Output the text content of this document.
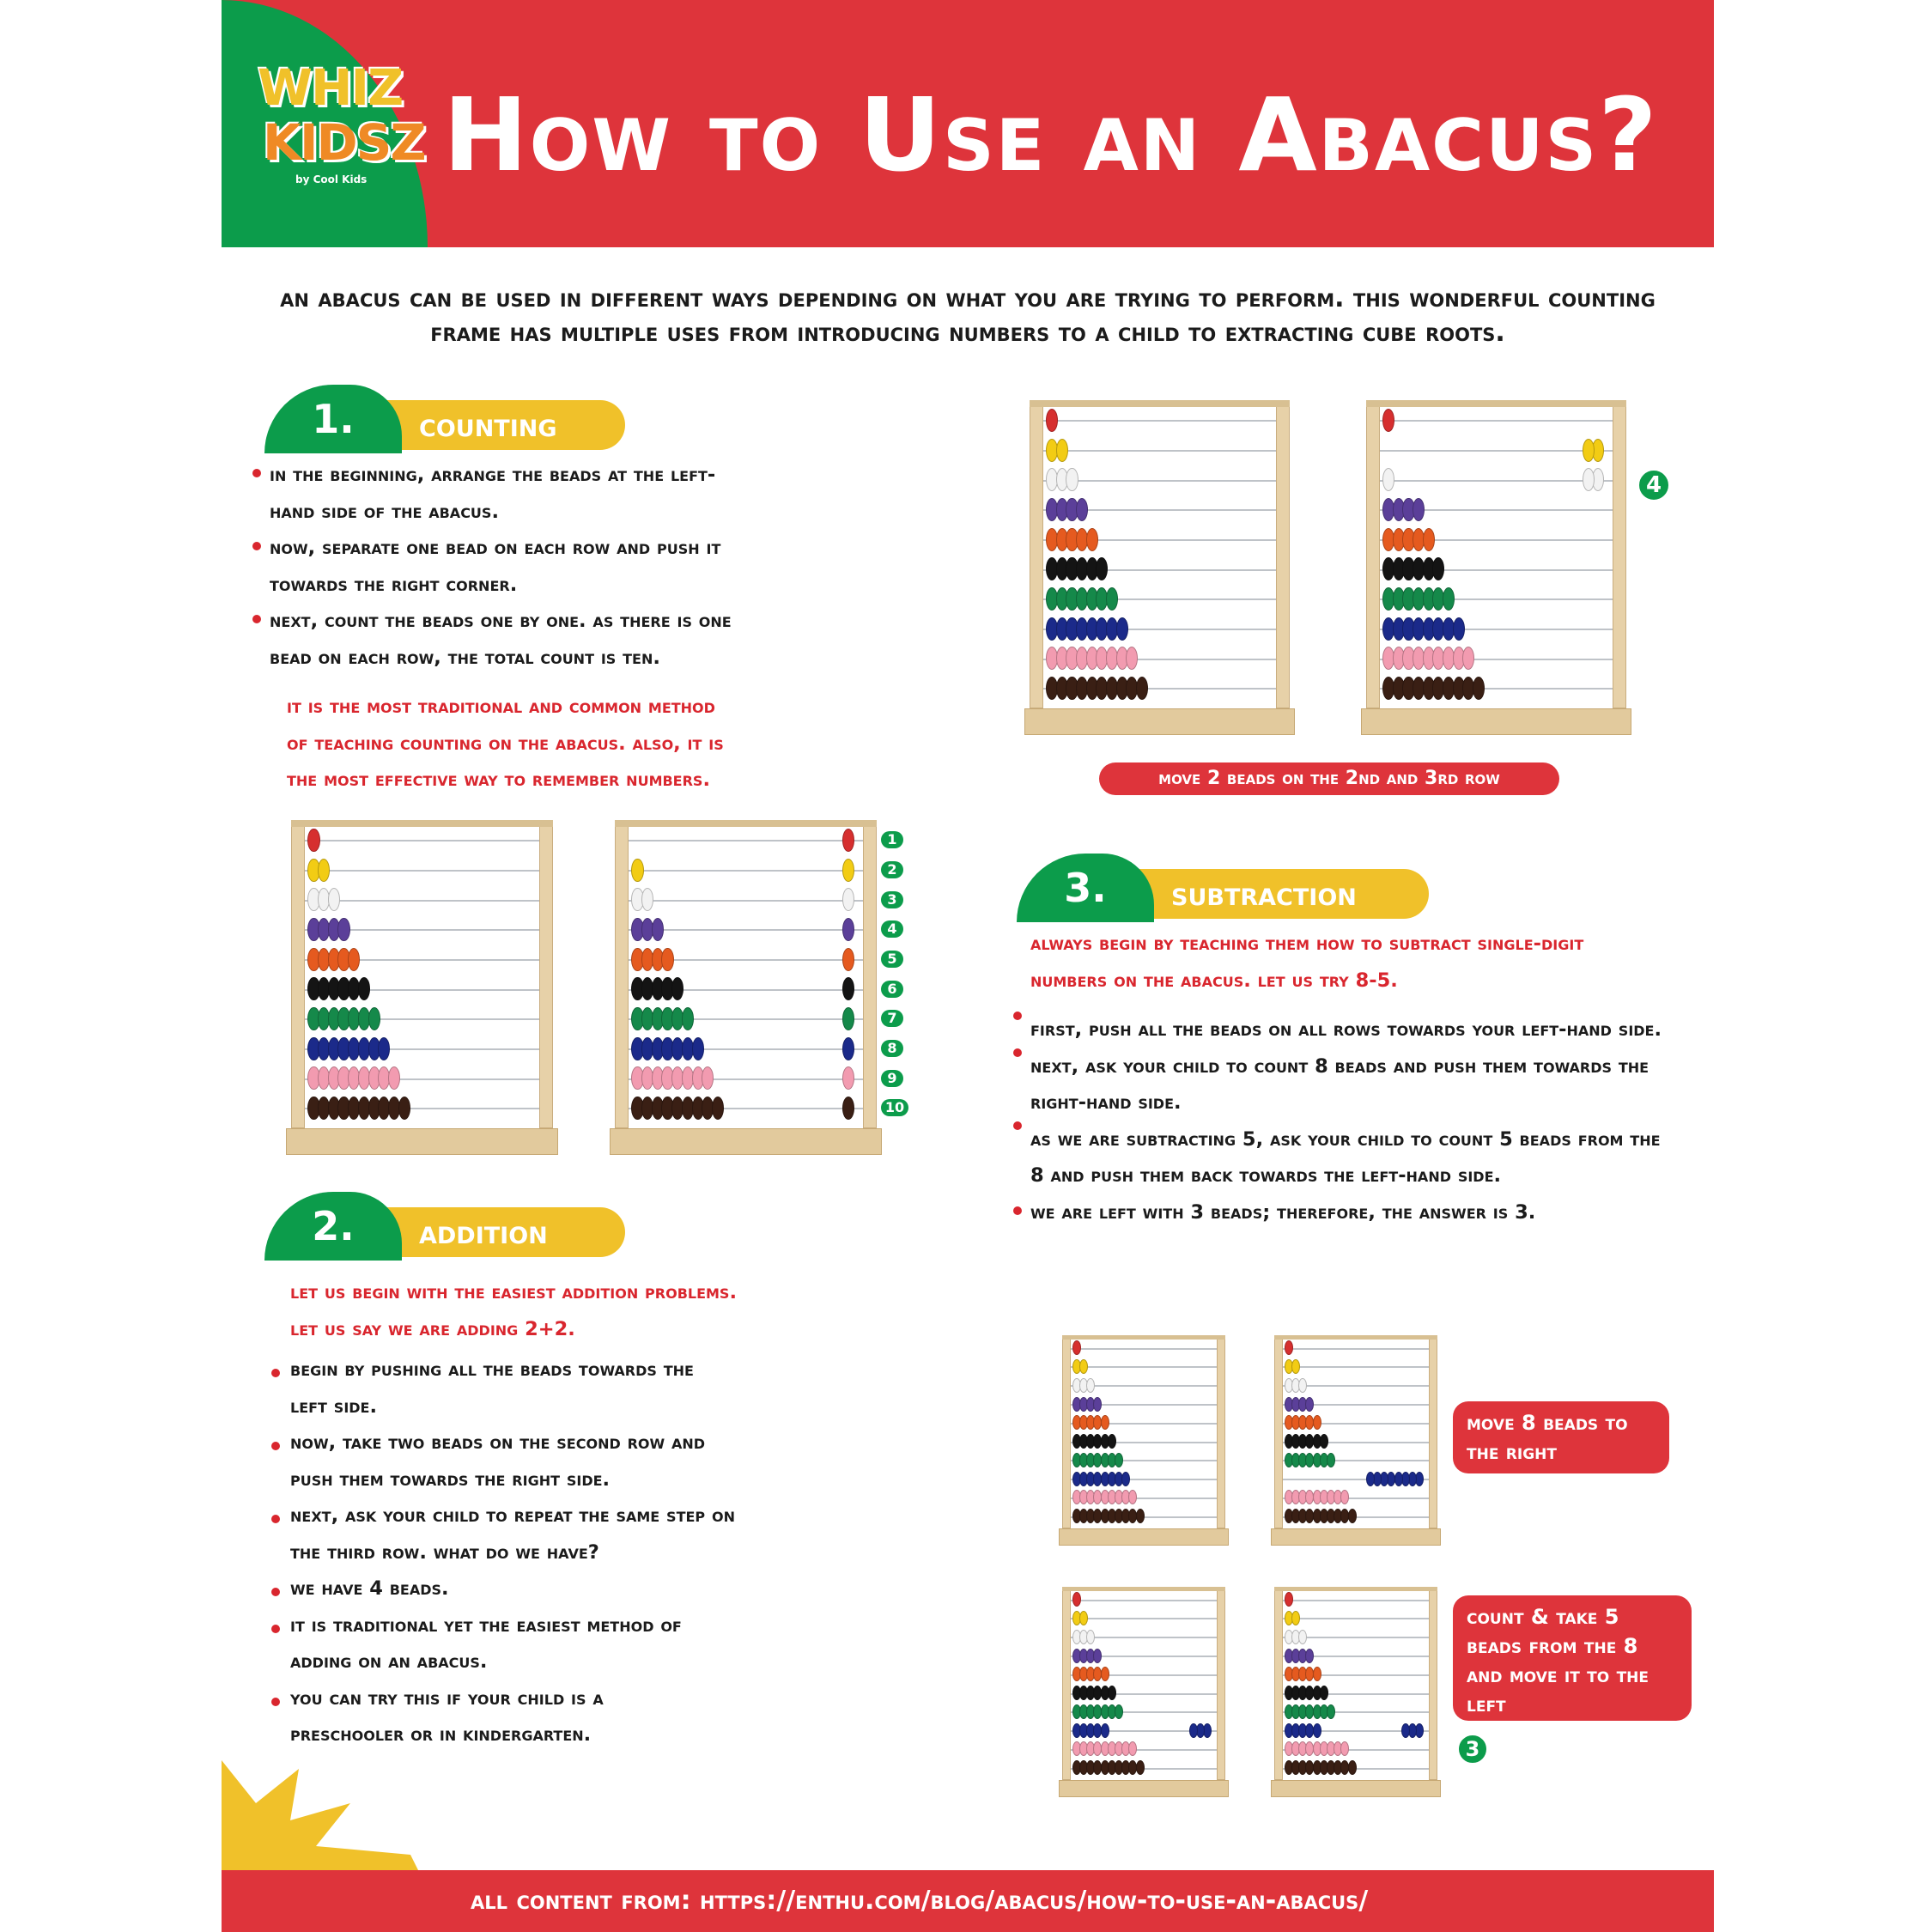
WHIZ
KIDSZ
by Cool Kids How to Use an Abacus?
an abacus can be used in different ways depending on what you are trying to perform. this wonderful counting frame has multiple uses from introducing numbers to a child to extracting cube roots.
1.	counting
in the beginning, arrange the beads at the left-hand side of the abacus.
now, separate one bead on each row and push it towards the right corner.
next, count the beads one by one. as there is one bead on each row, the total count is ten.
it is the most traditional and common method of teaching counting on the abacus. also, it is the most effective way to remember numbers.
1
2
3
4
5
6
7
8
9
10
2.	addition
let us begin with the easiest addition problems. let us say we are adding 2+2.
begin by pushing all the beads towards the left side.
now, take two beads on the second row and push them towards the right side.
next, ask your child to repeat the same step on the third row. what do we have?
we have 4 beads.
it is traditional yet the easiest method of adding on an abacus.
you can try this if your child is a preschooler or in kindergarten.
4
move 2 beads on the 2nd and 3rd row
3.	subtraction
always begin by teaching them how to subtract single-digit numbers on the abacus. let us try 8-5.
first, push all the beads on all rows towards your left-hand side.
next, ask your child to count 8 beads and push them towards the right-hand side.
as we are subtracting 5, ask your child to count 5 beads from the 8 and push them back towards the left-hand side.
we are left with 3 beads; therefore, the answer is 3.
move 8 beads to the right
count & take 5 beads from the 8 and move it to the left
3
all content from: https://enthu.com/blog/abacus/how-to-use-an-abacus/
